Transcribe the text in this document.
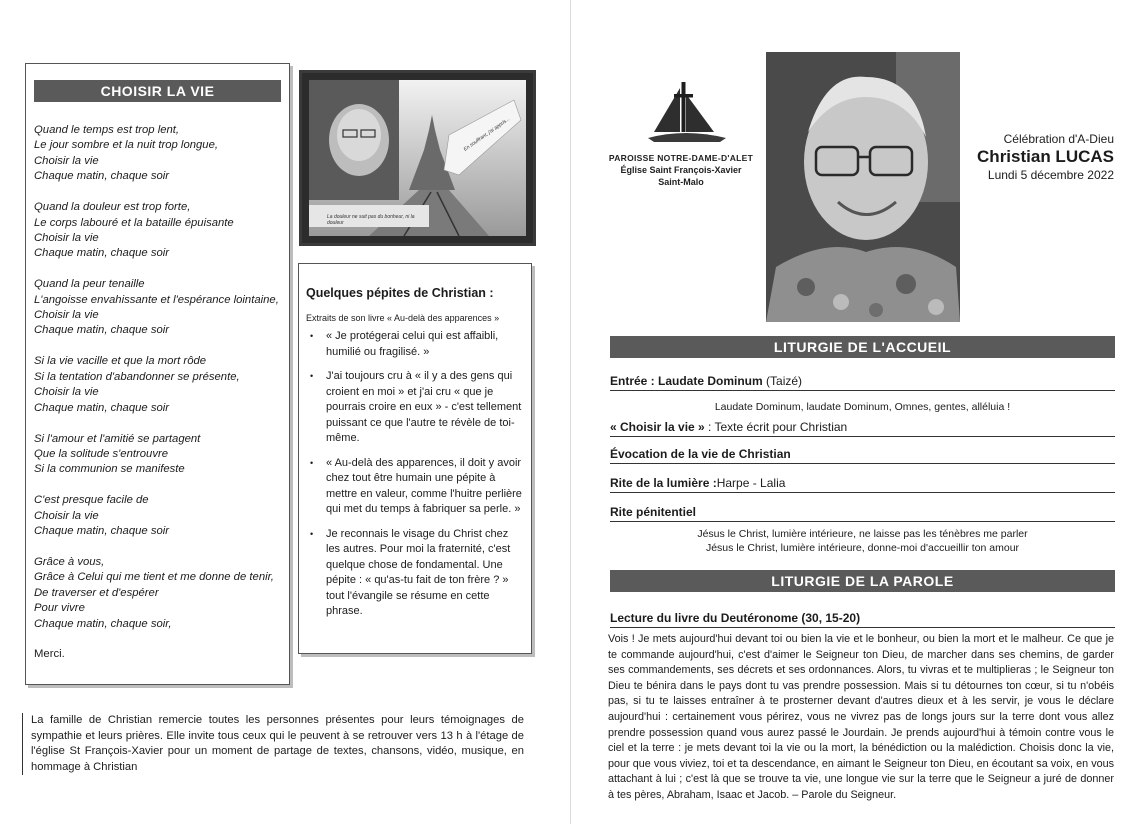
CHOISIR LA VIE
Quand le temps est trop lent,
Le jour sombre et la nuit trop longue,
Choisir la vie
Chaque matin, chaque soir
Quand la douleur est trop forte,
Le corps labouré et la bataille épuisante
Choisir la vie
Chaque matin, chaque soir
Quand la peur tenaille
L'angoisse envahissante et l'espérance lointaine,
Choisir la vie
Chaque matin, chaque soir
Si la vie vacille et que la mort rôde
Si la tentation d'abandonner se présente,
Choisir la vie
Chaque matin, chaque soir
Si l'amour et l'amitié se partagent
Que la solitude s'entrouvre
Si la communion se manifeste
C'est presque facile de
Choisir la vie
Chaque matin, chaque soir
Grâce à vous,
Grâce à Celui qui me tient et me donne de tenir,
De traverser et d'espérer
Pour vivre
Chaque matin, chaque soir,
Merci.
La douleur ne suit pas du bonheur, ni la douleur
En souffrant, j'ai appris...
Quelques pépites de Christian :
Extraits de son livre « Au-delà des apparences »
• « Je protégerai celui qui est affaibli, humilié ou fragilisé. »
• J'ai toujours cru à « il y a des gens qui croient en moi » et j'ai cru « que je pourrais croire en eux » - c'est tellement puissant ce que l'autre te révèle de toi-même.
• « Au-delà des apparences, il doit y avoir chez tout être humain une pépite à mettre en valeur, comme l'huitre perlière qui met du temps à fabriquer sa perle. »
• Je reconnais le visage du Christ chez les autres. Pour moi la fraternité, c'est quelque chose de fondamental. Une pépite : « qu'as-tu fait de ton frère ? » tout l'évangile se résume en cette phrase.
La famille de Christian remercie toutes les personnes présentes pour leurs témoignages de sympathie et leurs prières. Elle invite tous ceux qui le peuvent à se retrouver vers 13 h à l'étage de l'église St François-Xavier pour un moment de partage de textes, chansons, vidéo, musique, en hommage à Christian
PAROISSE NOTRE-DAME-D'ALET
Église Saint François-Xavier
Saint-Malo
Célébration d'A-Dieu
Christian LUCAS
Lundi 5 décembre 2022
LITURGIE DE L'ACCUEIL
Entrée : Laudate Dominum (Taizé)
Laudate Dominum, laudate Dominum, Omnes, gentes, alléluia !
« Choisir la vie » : Texte écrit pour Christian
Évocation de la vie de Christian
Rite de la lumière :Harpe - Lalia
Rite pénitentiel
Jésus le Christ, lumière intérieure, ne laisse pas les ténèbres me parler
Jésus le Christ, lumière intérieure, donne-moi d'accueillir ton amour
LITURGIE DE LA PAROLE
Lecture du livre du Deutéronome (30, 15-20)
Vois ! Je mets aujourd'hui devant toi ou bien la vie et le bonheur, ou bien la mort et le malheur. Ce que je te commande aujourd'hui, c'est d'aimer le Seigneur ton Dieu, de marcher dans ses chemins, de garder ses commandements, ses décrets et ses ordonnances. Alors, tu vivras et te multiplieras ; le Seigneur ton Dieu te bénira dans le pays dont tu vas prendre possession. Mais si tu détournes ton cœur, si tu n'obéis pas, si tu te laisses entraîner à te prosterner devant d'autres dieux et à les servir, je vous le déclare aujourd'hui : certainement vous périrez, vous ne vivrez pas de longs jours sur la terre dont vous allez prendre possession quand vous aurez passé le Jourdain. Je prends aujourd'hui à témoin contre vous le ciel et la terre : je mets devant toi la vie ou la mort, la bénédiction ou la malédiction. Choisis donc la vie, pour que vous viviez, toi et ta descendance, en aimant le Seigneur ton Dieu, en écoutant sa voix, en vous attachant à lui ; c'est là que se trouve ta vie, une longue vie sur la terre que le Seigneur a juré de donner à tes pères, Abraham, Isaac et Jacob. – Parole du Seigneur.
